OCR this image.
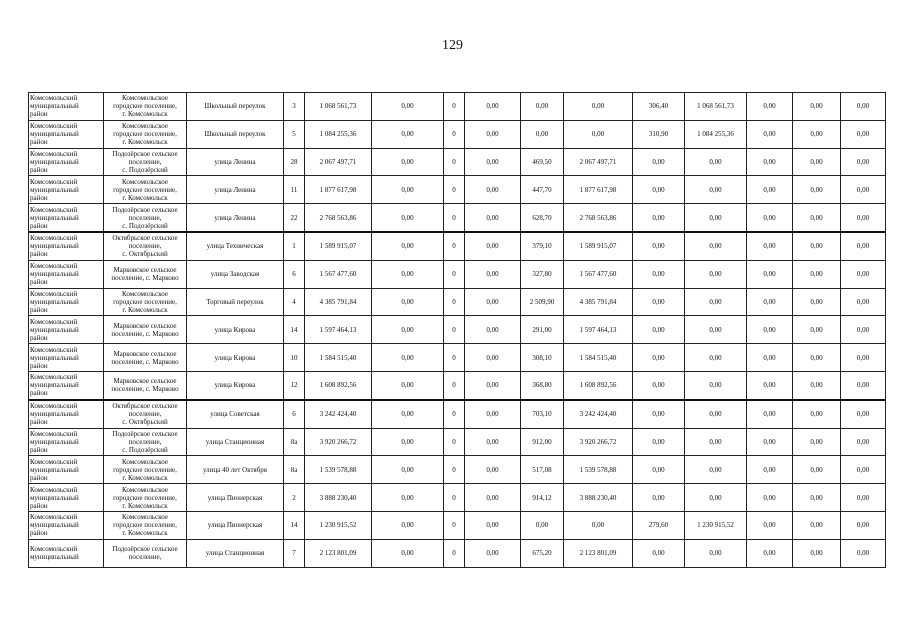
129
Комсомольский
муниципальный
район	Комсомольское
городское поселение,
г. Комсомольск	Школьный переулок	3	1 068 561,73	0,00	0	0,00	0,00	0,00	306,40	1 068 561,73	0,00	0,00	0,00
Комсомольский
муниципальный
район	Комсомольское
городское поселение,
г. Комсомольск	Школьный переулок	5	1 084 255,36	0,00	0	0,00	0,00	0,00	310,90	1 084 255,36	0,00	0,00	0,00
Комсомольский
муниципальный
район	Подозёрское сельское
поселение,
с. Подозёрский	улица Ленина	28	2 067 497,71	0,00	0	0,00	469,50	2 067 497,71	0,00	0,00	0,00	0,00	0,00
Комсомольский
муниципальный
район	Комсомольское
городское поселение,
г. Комсомольск	улица Ленина	11	1 877 617,98	0,00	0	0,00	447,70	1 877 617,98	0,00	0,00	0,00	0,00	0,00
Комсомольский
муниципальный
район	Подозёрское сельское
поселение,
с. Подозёрский	улица Ленина	22	2 768 563,86	0,00	0	0,00	628,70	2 768 563,86	0,00	0,00	0,00	0,00	0,00
Комсомольский
муниципальный
район	Октябрьское сельское
поселение,
с. Октябрьский	улица Техническая	1	1 589 915,07	0,00	0	0,00	379,10	1 589 915,07	0,00	0,00	0,00	0,00	0,00
Комсомольский
муниципальный
район	Марковское сельское
поселение, с. Марково	улица Заводская	6	1 567 477,60	0,00	0	0,00	327,80	1 567 477,60	0,00	0,00	0,00	0,00	0,00
Комсомольский
муниципальный
район	Комсомольское
городское поселение,
г. Комсомольск	Торговый переулок	4	4 385 791,84	0,00	0	0,00	2 509,90	4 385 791,84	0,00	0,00	0,00	0,00	0,00
Комсомольский
муниципальный
район	Марковское сельское
поселение, с. Марково	улица Кирова	14	1 597 464,13	0,00	0	0,00	291,00	1 597 464,13	0,00	0,00	0,00	0,00	0,00
Комсомольский
муниципальный
район	Марковское сельское
поселение, с. Марково	улица Кирова	10	1 584 515,40	0,00	0	0,00	308,10	1 584 515,40	0,00	0,00	0,00	0,00	0,00
Комсомольский
муниципальный
район	Марковское сельское
поселение, с. Марково	улица Кирова	12	1 608 892,56	0,00	0	0,00	368,80	1 608 892,56	0,00	0,00	0,00	0,00	0,00
Комсомольский
муниципальный
район	Октябрьское сельское
поселение,
с. Октябрьский	улица Советская	6	3 242 424,40	0,00	0	0,00	703,10	3 242 424,40	0,00	0,00	0,00	0,00	0,00
Комсомольский
муниципальный
район	Подозёрское сельское
поселение,
с. Подозёрский	улица Станционная	8а	3 920 266,72	0,00	0	0,00	912,00	3 920 266,72	0,00	0,00	0,00	0,00	0,00
Комсомольский
муниципальный
район	Комсомольское
городское поселение,
г. Комсомольск	улица 40 лет Октября	8а	1 539 578,88	0,00	0	0,00	517,08	1 539 578,88	0,00	0,00	0,00	0,00	0,00
Комсомольский
муниципальный
район	Комсомольское
городское поселение,
г. Комсомольск	улица Пионерская	2	3 888 230,40	0,00	0	0,00	914,12	3 888 230,40	0,00	0,00	0,00	0,00	0,00
Комсомольский
муниципальный
район	Комсомольское
городское поселение,
г. Комсомольск	улица Пионерская	14	1 230 915,52	0,00	0	0,00	0,00	0,00	279,60	1 230 915,52	0,00	0,00	0,00
Комсомольский
муниципальный	Подозёрское сельское
поселение,	улица Станционная	7	2 123 801,09	0,00	0	0,00	675,20	2 123 801,09	0,00	0,00	0,00	0,00	0,00
